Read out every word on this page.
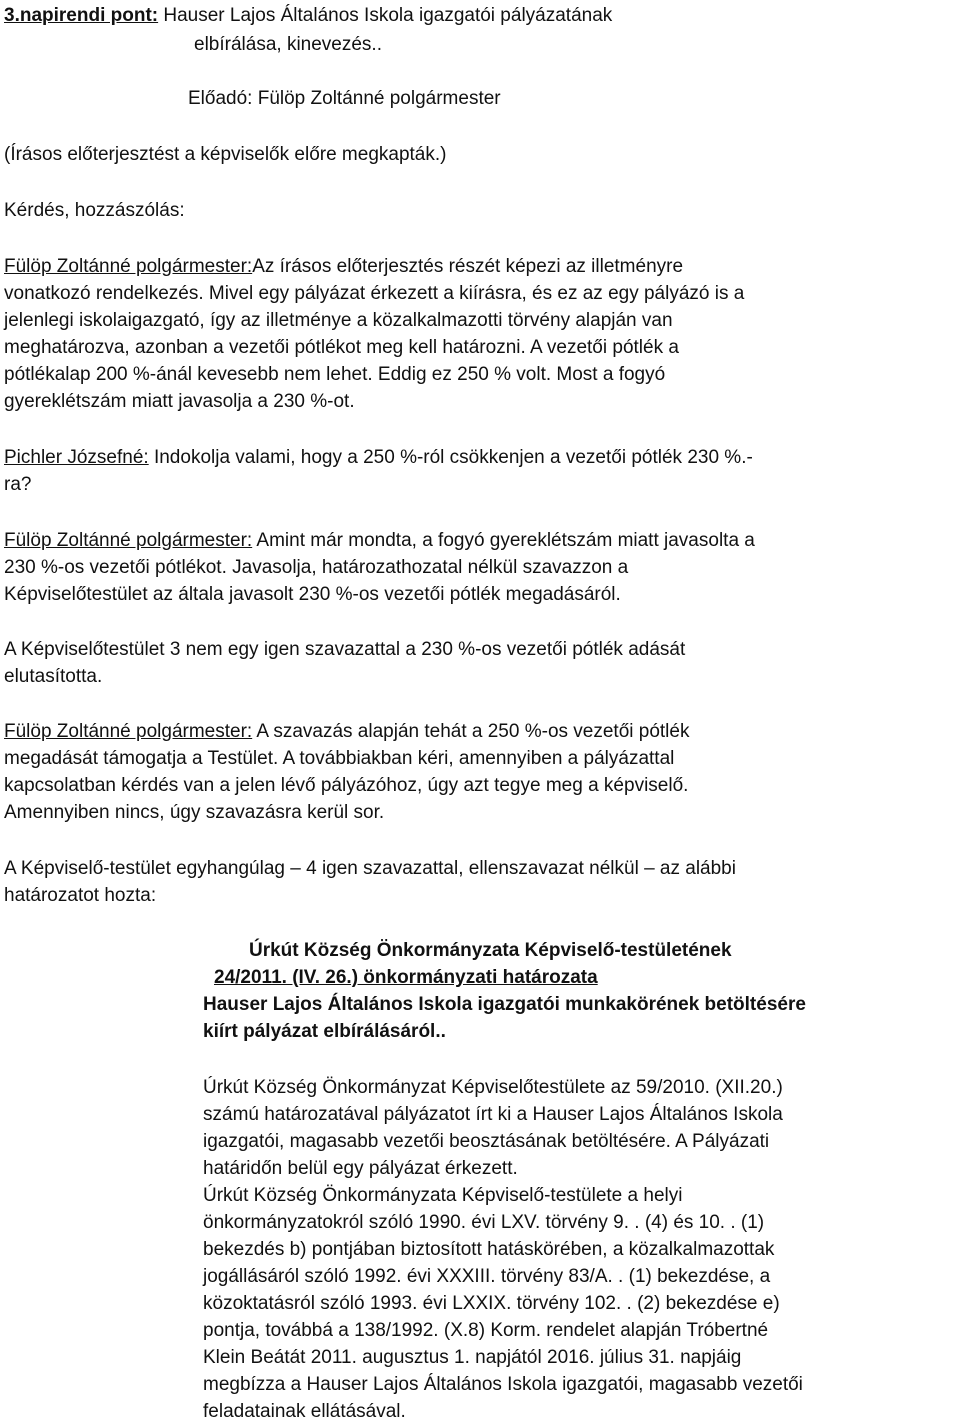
3.napirendi pont: Hauser Lajos Általános Iskola igazgatói pályázatának
elbírálása, kinevezés..
Előadó: Fülöp Zoltánné polgármester
(Írásos előterjesztést a képviselők előre megkapták.)
Kérdés, hozzászólás:
Fülöp Zoltánné polgármester:Az írásos előterjesztés részét képezi az illetményre
vonatkozó rendelkezés. Mivel egy pályázat érkezett a kiírásra, és ez az egy pályázó is a
jelenlegi iskolaigazgató, így az illetménye a közalkalmazotti törvény alapján van
meghatározva, azonban a vezetői pótlékot meg kell határozni. A vezetői pótlék a
pótlékalap 200 %-ánál kevesebb nem lehet. Eddig ez 250 % volt. Most a fogyó
gyereklétszám miatt javasolja a 230 %-ot.
Pichler Józsefné: Indokolja valami, hogy a 250 %-ról csökkenjen a vezetői pótlék 230 %.-
ra?
Fülöp Zoltánné polgármester: Amint már mondta, a fogyó gyereklétszám miatt javasolta a
230 %-os vezetői pótlékot. Javasolja, határozathozatal nélkül szavazzon a
Képviselőtestület az általa javasolt 230 %-os vezetői pótlék megadásáról.
A Képviselőtestület 3 nem egy igen szavazattal a 230 %-os vezetői pótlék adását
elutasította.
Fülöp Zoltánné polgármester: A szavazás alapján tehát a 250 %-os vezetői pótlék
megadását támogatja a Testület. A továbbiakban kéri, amennyiben a pályázattal
kapcsolatban kérdés van a jelen lévő pályázóhoz, úgy azt tegye meg a képviselő.
Amennyiben nincs, úgy szavazásra kerül sor.
A Képviselő-testület egyhangúlag – 4 igen szavazattal, ellenszavazat nélkül – az alábbi
határozatot hozta:
Úrkút Község Önkormányzata Képviselő-testületének
24/2011. (IV. 26.) önkormányzati határozata
Hauser Lajos Általános Iskola igazgatói munkakörének betöltésére
kiírt pályázat elbírálásáról..
Úrkút Község Önkormányzat Képviselőtestülete az 59/2010. (XII.20.)
számú határozatával pályázatot írt ki a Hauser Lajos Általános Iskola
igazgatói, magasabb vezetői beosztásának betöltésére. A Pályázati
határidőn belül egy pályázat érkezett.
Úrkút Község Önkormányzata Képviselő-testülete a helyi
önkormányzatokról szóló 1990. évi LXV. törvény 9. . (4) és 10. . (1)
bekezdés b) pontjában biztosított hatáskörében, a közalkalmazottak
jogállásáról szóló 1992. évi XXXIII. törvény 83/A. . (1) bekezdése, a
közoktatásról szóló 1993. évi LXXIX. törvény 102. . (2) bekezdése e)
pontja, továbbá a 138/1992. (X.8) Korm. rendelet alapján Tróbertné
Klein Beátát 2011. augusztus 1. napjától 2016. július 31. napjáig
megbízza a Hauser Lajos Általános Iskola igazgatói, magasabb vezetői
feladatainak ellátásával.
